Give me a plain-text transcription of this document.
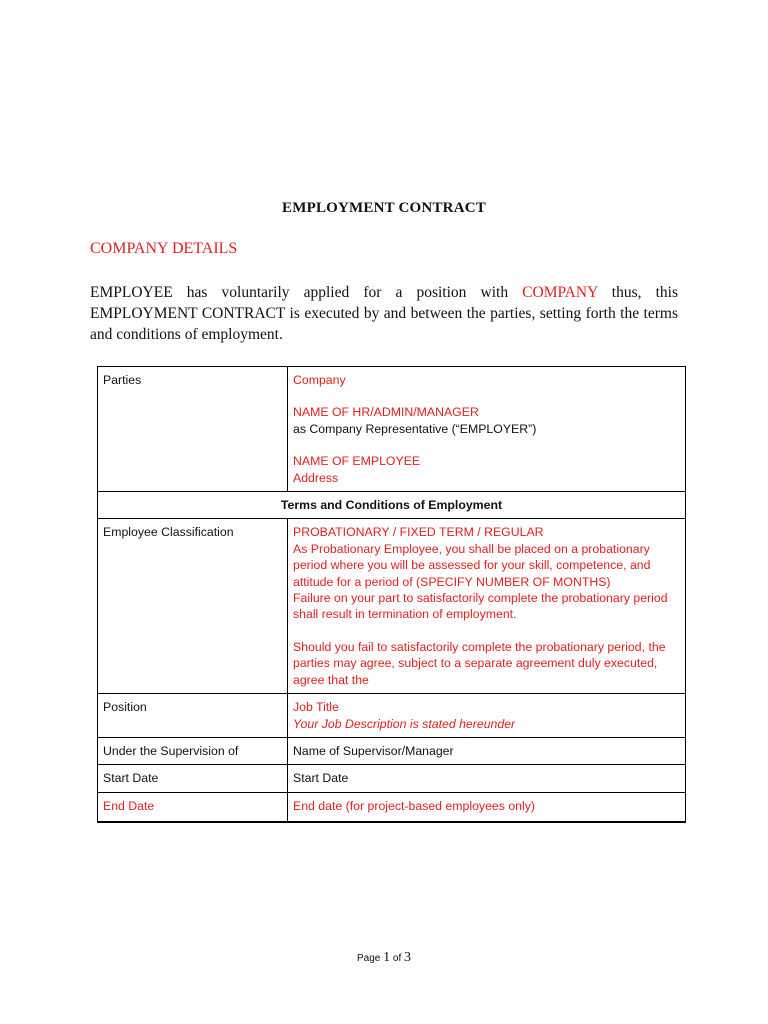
EMPLOYMENT CONTRACT
COMPANY DETAILS
EMPLOYEE has voluntarily applied for a position with COMPANY thus, this EMPLOYMENT CONTRACT is executed by and between the parties, setting forth the terms and conditions of employment.
Parties	Company
NAME OF HR/ADMIN/MANAGER
as Company Representative (“EMPLOYER”)
NAME OF EMPLOYEE
Address

Terms and Conditions of Employment	
Employee Classification	PROBATIONARY / FIXED TERM / REGULAR
As Probationary Employee, you shall be placed on a probationary period where you will be assessed for your skill, competence, and attitude for a period of (SPECIFY NUMBER OF MONTHS)
Failure on your part to satisfactorily complete the probationary period shall result in termination of employment.
Should you fail to satisfactorily complete the probationary period, the parties may agree, subject to a separate agreement duly executed, agree that the

Position	Job Title
Your Job Description is stated hereunder

Under the Supervision of	Name of Supervisor/Manager
Start Date	Start Date
End Date	End date (for project-based employees only)
Page 1 of 3
